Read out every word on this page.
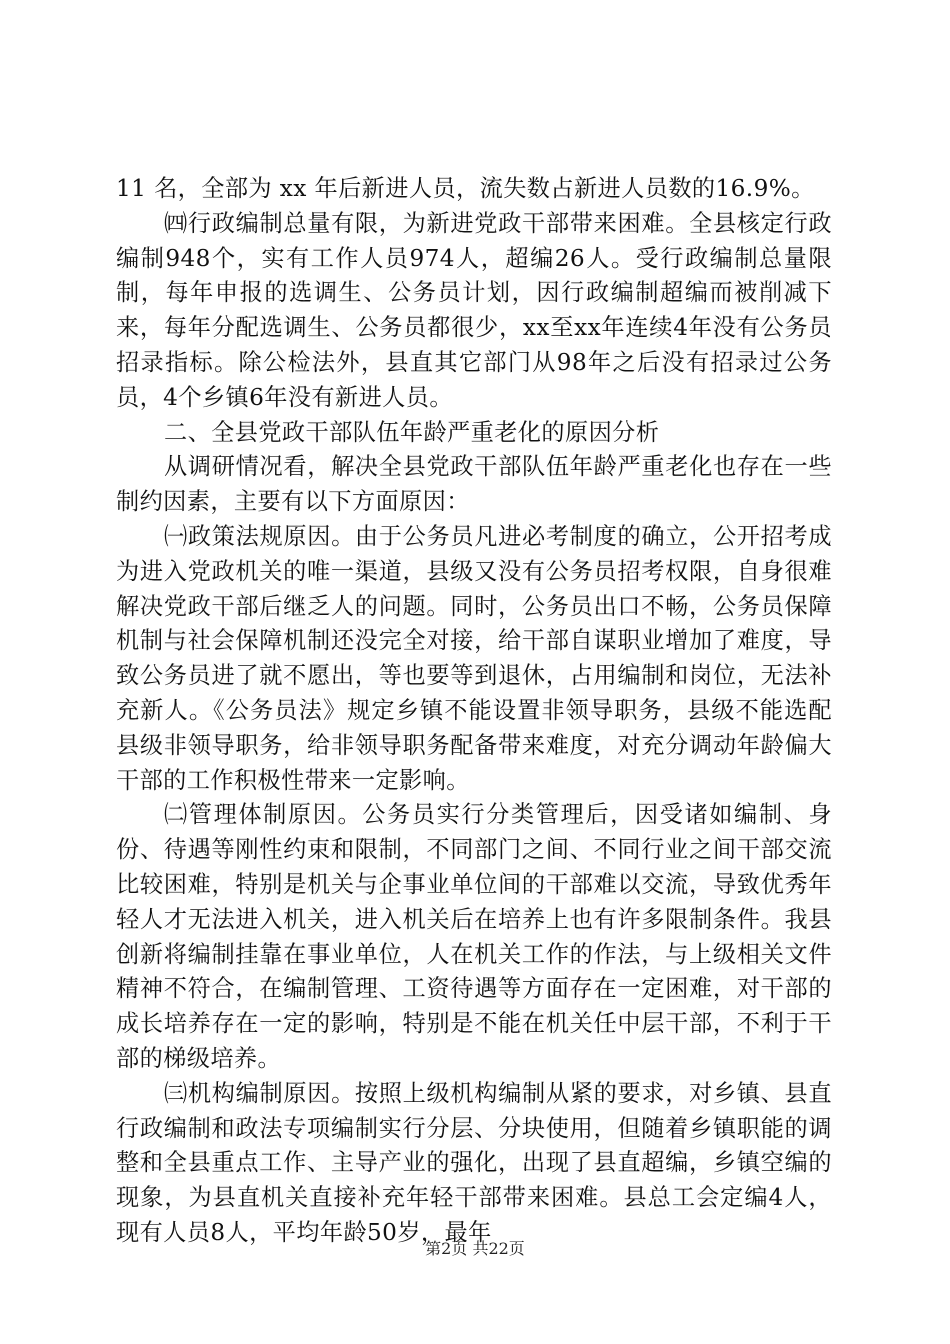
11 名，全部为 xx 年后新进人员，流失数占新进人员数的16.9%。

㈣行政编制总量有限，为新进党政干部带来困难。全县核定行政编制948个，实有工作人员974人，超编26人。受行政编制总量限制，每年申报的选调生、公务员计划，因行政编制超编而被削减下来，每年分配选调生、公务员都很少，xx至xx年连续4年没有公务员招录指标。除公检法外，县直其它部门从98年之后没有招录过公务员，4个乡镇6年没有新进人员。

二、全县党政干部队伍年龄严重老化的原因分析

从调研情况看，解决全县党政干部队伍年龄严重老化也存在一些制约因素，主要有以下方面原因：

㈠政策法规原因。由于公务员凡进必考制度的确立，公开招考成为进入党政机关的唯一渠道，县级又没有公务员招考权限，自身很难解决党政干部后继乏人的问题。同时，公务员出口不畅，公务员保障机制与社会保障机制还没完全对接，给干部自谋职业增加了难度，导致公务员进了就不愿出，等也要等到退休，占用编制和岗位，无法补充新人。《公务员法》规定乡镇不能设置非领导职务，县级不能选配县级非领导职务，给非领导职务配备带来难度，对充分调动年龄偏大干部的工作积极性带来一定影响。

㈡管理体制原因。公务员实行分类管理后，因受诸如编制、身份、待遇等刚性约束和限制，不同部门之间、不同行业之间干部交流比较困难，特别是机关与企事业单位间的干部难以交流，导致优秀年轻人才无法进入机关，进入机关后在培养上也有许多限制条件。我县创新将编制挂靠在事业单位，人在机关工作的作法，与上级相关文件精神不符合，在编制管理、工资待遇等方面存在一定困难，对干部的成长培养存在一定的影响，特别是不能在机关任中层干部，不利于干部的梯级培养。

㈢机构编制原因。按照上级机构编制从紧的要求，对乡镇、县直行政编制和政法专项编制实行分层、分块使用，但随着乡镇职能的调整和全县重点工作、主导产业的强化，出现了县直超编，乡镇空编的现象，为县直机关直接补充年轻干部带来困难。县总工会定编4人，现有人员8人，平均年龄50岁，最年

第2页 共22页
